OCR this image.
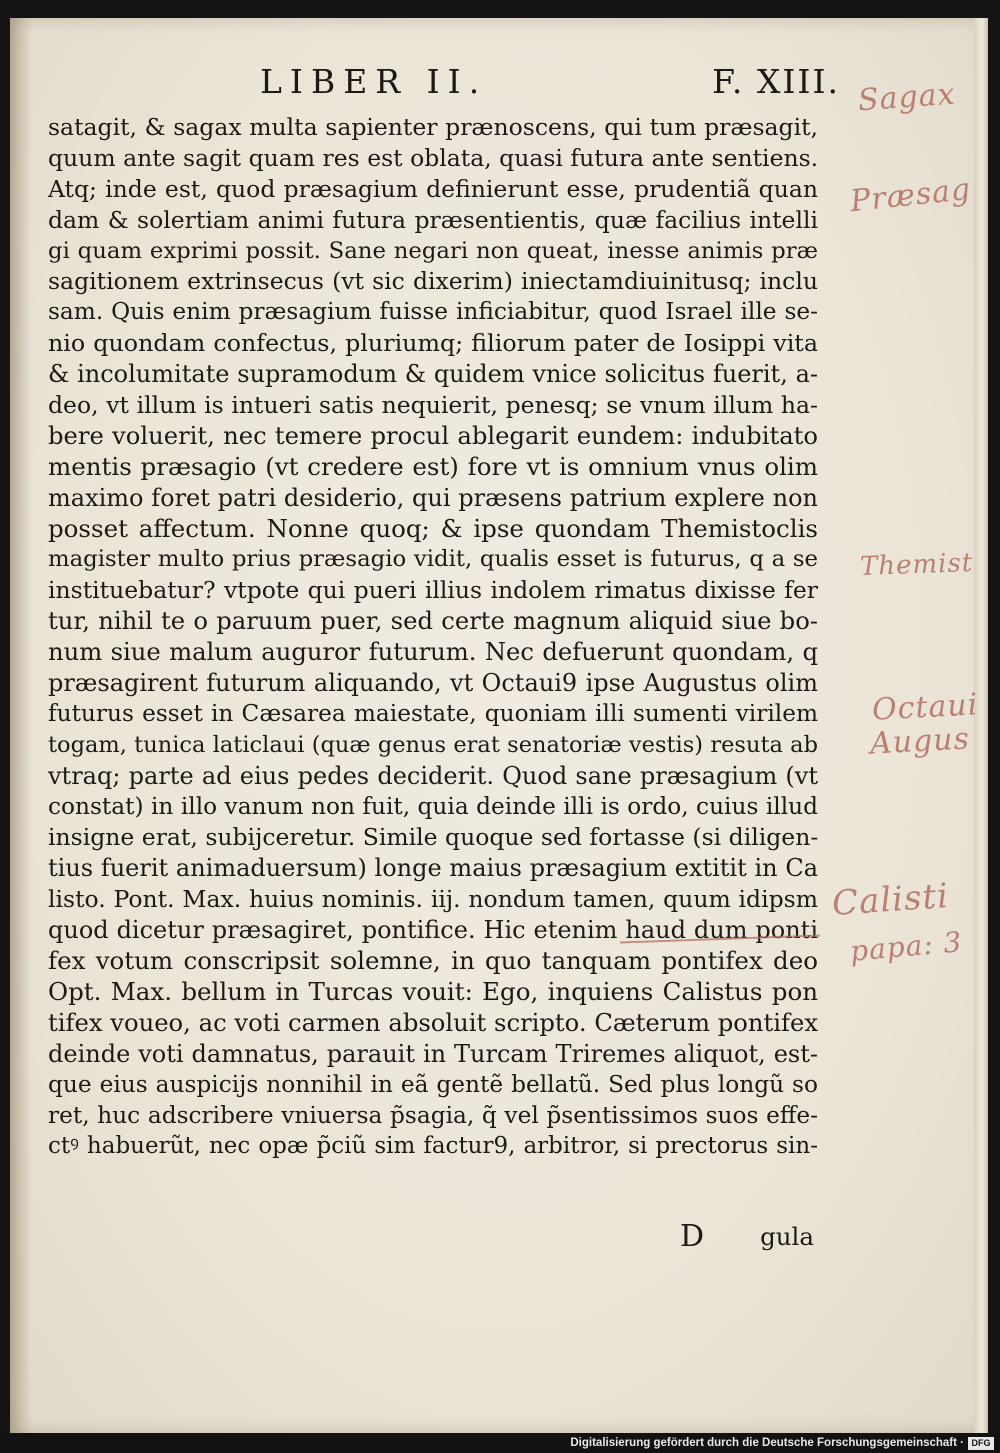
LIBER II.	F. XIII.
satagit, & sagax multa sapienter prænoscens, qui tum præsagit,
quum ante sagit quam res est oblata, quasi futura ante sentiens.
Atq; inde est, quod præsagium definierunt esse, prudentiã quan
dam & solertiam animi futura præsentientis, quæ facilius intelli
gi quam exprimi possit. Sane negari non queat, inesse animis præ
sagitionem extrinsecus (vt sic dixerim) iniectamdiuinitusq; inclu
sam. Quis enim præsagium fuisse inficiabitur, quod Israel ille se-
nio quondam confectus, pluriumq; filiorum pater de Iosippi vita
& incolumitate supramodum & quidem vnice solicitus fuerit, a-
deo, vt illum is intueri satis nequierit, penesq; se vnum illum ha-
bere voluerit, nec temere procul ablegarit eundem: indubitato
mentis præsagio (vt credere est) fore vt is omnium vnus olim
maximo foret patri desiderio, qui præsens patrium explere non
posset affectum. Nonne quoq; & ipse quondam Themistoclis
magister multo prius præsagio vidit, qualis esset is futurus, q a se
instituebatur? vtpote qui pueri illius indolem rimatus dixisse fer
tur, nihil te o paruum puer, sed certe magnum aliquid siue bo-
num siue malum auguror futurum. Nec defuerunt quondam, q
præsagirent futurum aliquando, vt Octaui9 ipse Augustus olim
futurus esset in Cæsarea maiestate, quoniam illi sumenti virilem
togam, tunica laticlaui (quæ genus erat senatoriæ vestis) resuta ab
vtraq; parte ad eius pedes deciderit. Quod sane præsagium (vt
constat) in illo vanum non fuit, quia deinde illi is ordo, cuius illud
insigne erat, subijceretur. Simile quoque sed fortasse (si diligen-
tius fuerit animaduersum) longe maius præsagium extitit in Ca
listo. Pont. Max. huius nominis. iij. nondum tamen, quum idipsm
quod dicetur præsagiret, pontifice. Hic etenim haud dum ponti
fex votum conscripsit solemne, in quo tanquam pontifex deo
Opt. Max. bellum in Turcas vouit: Ego, inquiens Calistus pon
tifex voueo, ac voti carmen absoluit scripto. Cæterum pontifex
deinde voti damnatus, parauit in Turcam Triremes aliquot, est-
que eius auspicijs nonnihil in eã gentẽ bellatũ. Sed plus longũ so
ret, huc adscribere vniuersa p̃sagia, q̃ vel p̃sentissimos suos effe-
ctꝰ habuerũt, nec opæ p̃ciũ sim factur9, arbitror, si prectorus sin-
D gula
Sagax
Præsag
Themist
Octaui
Augus
Calisti
papa: 3
Digitalisierung gefördert durch die Deutsche Forschungsgemeinschaft · DFG
